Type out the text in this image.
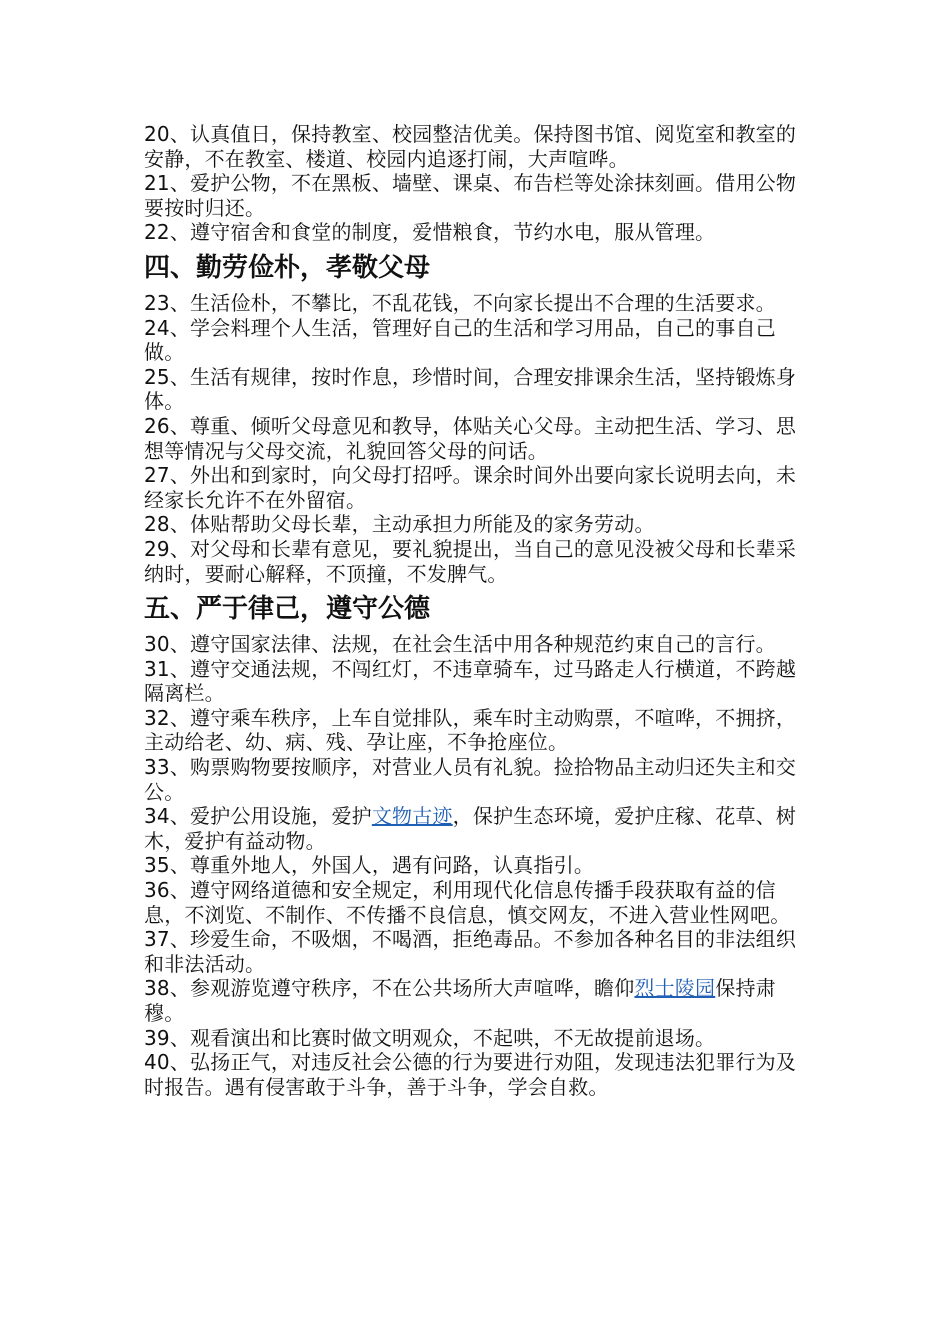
20、认真值日，保持教室、校园整洁优美。保持图书馆、阅览室和教室的安静，不在教室、楼道、校园内追逐打闹，大声喧哗。

21、爱护公物，不在黑板、墙壁、课桌、布告栏等处涂抹刻画。借用公物要按时归还。

22、遵守宿舍和食堂的制度，爱惜粮食，节约水电，服从管理。

四、勤劳俭朴，孝敬父母

23、生活俭朴，不攀比，不乱花钱，不向家长提出不合理的生活要求。

24、学会料理个人生活，管理好自己的生活和学习用品，自己的事自己做。

25、生活有规律，按时作息，珍惜时间，合理安排课余生活，坚持锻炼身体。

26、尊重、倾听父母意见和教导，体贴关心父母。主动把生活、学习、思想等情况与父母交流，礼貌回答父母的问话。

27、外出和到家时，向父母打招呼。课余时间外出要向家长说明去向，未经家长允许不在外留宿。

28、体贴帮助父母长辈，主动承担力所能及的家务劳动。

29、对父母和长辈有意见，要礼貌提出，当自己的意见没被父母和长辈采纳时，要耐心解释，不顶撞，不发脾气。

五、严于律己，遵守公德

30、遵守国家法律、法规，在社会生活中用各种规范约束自己的言行。

31、遵守交通法规，不闯红灯，不违章骑车，过马路走人行横道，不跨越隔离栏。

32、遵守乘车秩序，上车自觉排队，乘车时主动购票，不喧哗，不拥挤，主动给老、幼、病、残、孕让座，不争抢座位。

33、购票购物要按顺序，对营业人员有礼貌。捡拾物品主动归还失主和交公。

34、爱护公用设施，爱护文物古迹，保护生态环境，爱护庄稼、花草、树木，爱护有益动物。

35、尊重外地人，外国人，遇有问路，认真指引。

36、遵守网络道德和安全规定，利用现代化信息传播手段获取有益的信息，不浏览、不制作、不传播不良信息，慎交网友，不进入营业性网吧。

37、珍爱生命，不吸烟，不喝酒，拒绝毒品。不参加各种名目的非法组织和非法活动。

38、参观游览遵守秩序，不在公共场所大声喧哗，瞻仰烈士陵园保持肃穆。

39、观看演出和比赛时做文明观众，不起哄，不无故提前退场。

40、弘扬正气，对违反社会公德的行为要进行劝阻，发现违法犯罪行为及时报告。遇有侵害敢于斗争，善于斗争，学会自救。
